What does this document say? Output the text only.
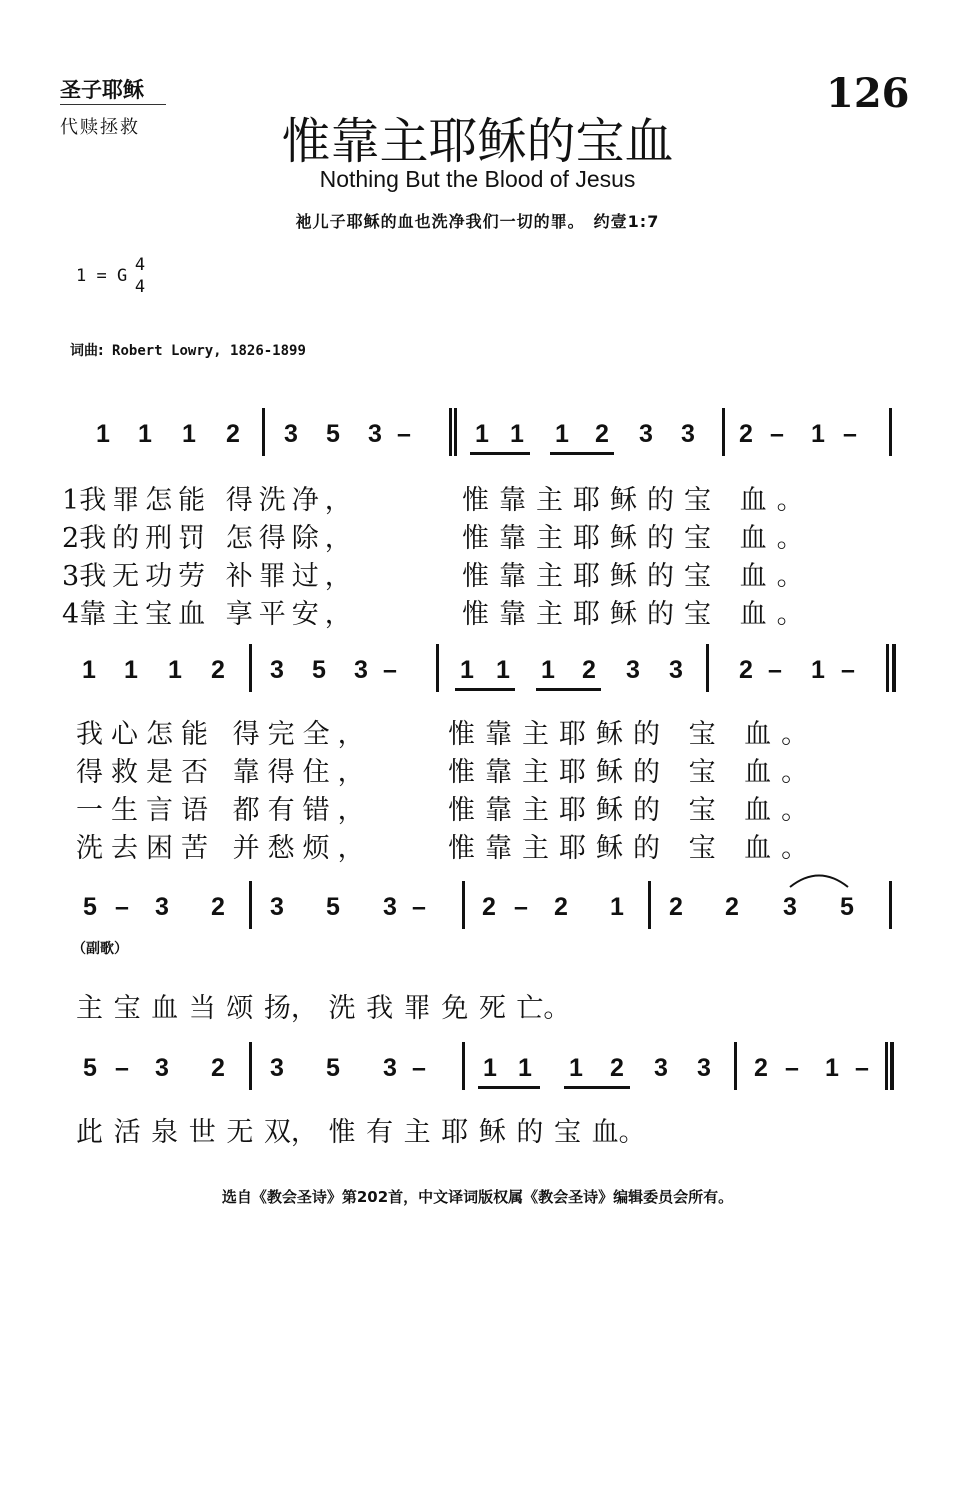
圣子耶稣
代赎拯救
126
惟靠主耶稣的宝血
Nothing But the Blood of Jesus
祂儿子耶稣的血也洗净我们一切的罪。　约壹1:7
1 = G
4
4
词曲: Robert Lowry, 1826-1899
1 1 1 2 3 5 3 –	1 1 1 2 3 3 2 – 1 –
1我罪怎能 得洗净，
2我的刑罚 怎得除，
3我无功劳 补罪过，
4靠主宝血 享平安，
惟靠主耶稣的宝 血。
惟靠主耶稣的宝 血。
惟靠主耶稣的宝 血。
惟靠主耶稣的宝 血。
1 1 1 2 3 5 3 –	1 1 1 2 3 3 2 – 1 –
我心怎能 得完全，
得救是否 靠得住，
一生言语 都有错，
洗去困苦 并愁烦，
惟靠主耶稣的 宝 血。
惟靠主耶稣的 宝 血。
惟靠主耶稣的 宝 血。
惟靠主耶稣的 宝 血。
5 – 3 2 3 5 3 – 2 – 2 1 2 2 3 5
（副歌）
主 宝 血 当 颂 扬， 洗 我 罪 免 死 亡。
5 – 3 2 3 5 3 – 1 1 1 2 3 3 2 – 1 –
此 活 泉 世 无 双， 惟 有 主 耶 稣 的 宝 血。
选自《教会圣诗》第202首，中文译词版权属《教会圣诗》编辑委员会所有。
